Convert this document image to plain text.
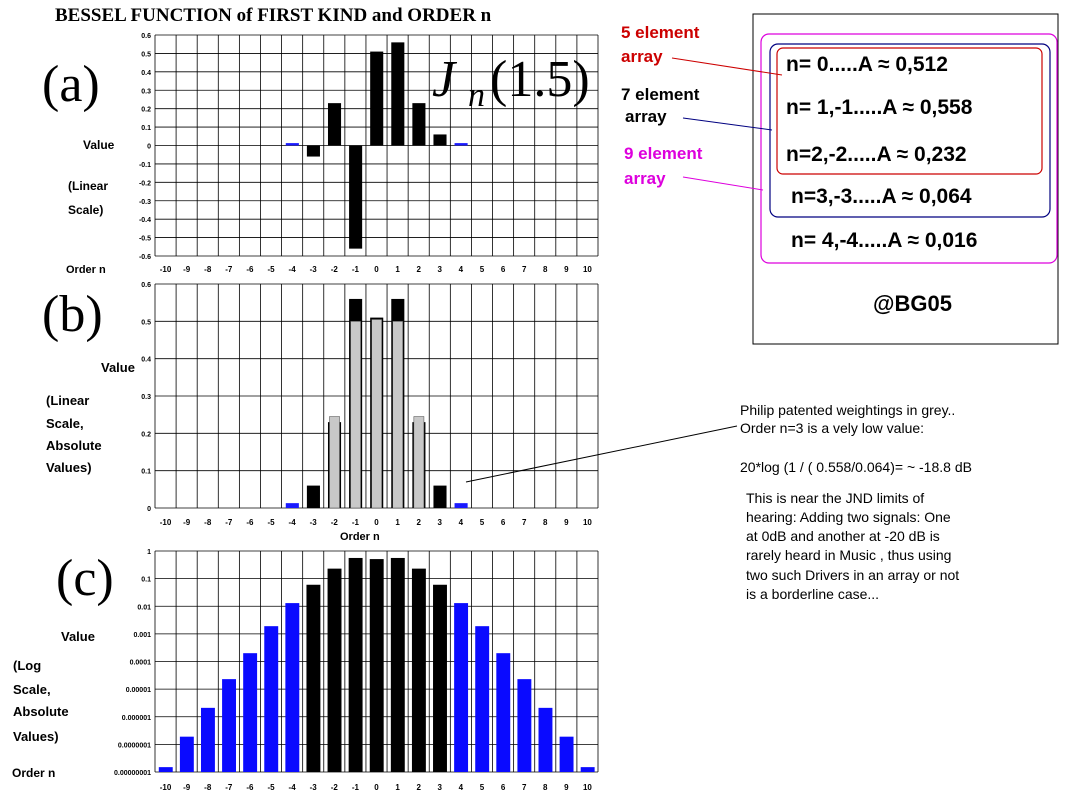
BESSEL FUNCTION of FIRST KIND and ORDER n
(a)	J n (1.5)
Value
(Linear
Scale)
0.6
0.5
0.4
0.3
0.2
0.1
0
-0.1
-0.2
-0.3
-0.4
-0.5
-0.6
-10 -9 -8 -7 -6 -5 -4 -3 -2 -1 0 1 2 3 4 5 6 7 8 9 10
Order n
(b)
Value
(Linear
Scale,
Absolute
Values)
0.6
0.5
0.4
0.3
0.2
0.1
0
-10 -9 -8 -7 -6 -5 -4 -3 -2 -1 0 1 2 3 4 5 6 7 8 9 10
Order n
(c)
Value
(Log
Scale,
Absolute
Values)
1
0.1
0.01
0.001
0.0001
0.00001
0.000001
0.0000001
0.00000001
-10 -9 -8 -7 -6 -5 -4 -3 -2 -1 0 1 2 3 4 5 6 7 8 9 10
Order n
n= 0.....A ≈ 0,512
n= 1,-1.....A ≈ 0,558
n=2,-2.....A ≈ 0,232
n=3,-3.....A ≈ 0,064
n= 4,-4.....A ≈ 0,016
@BG05
5 element
array
7 element
array
9 element
array
Philip patented weightings in grey..
Order n=3 is a vely low value:
20*log (1 / ( 0.558/0.064)= ~ -18.8 dB
This is near the JND limits of
hearing: Adding two signals: One
at 0dB and another at -20 dB is
rarely heard in Music , thus using
two such Drivers in an array or not
is a borderline case...
